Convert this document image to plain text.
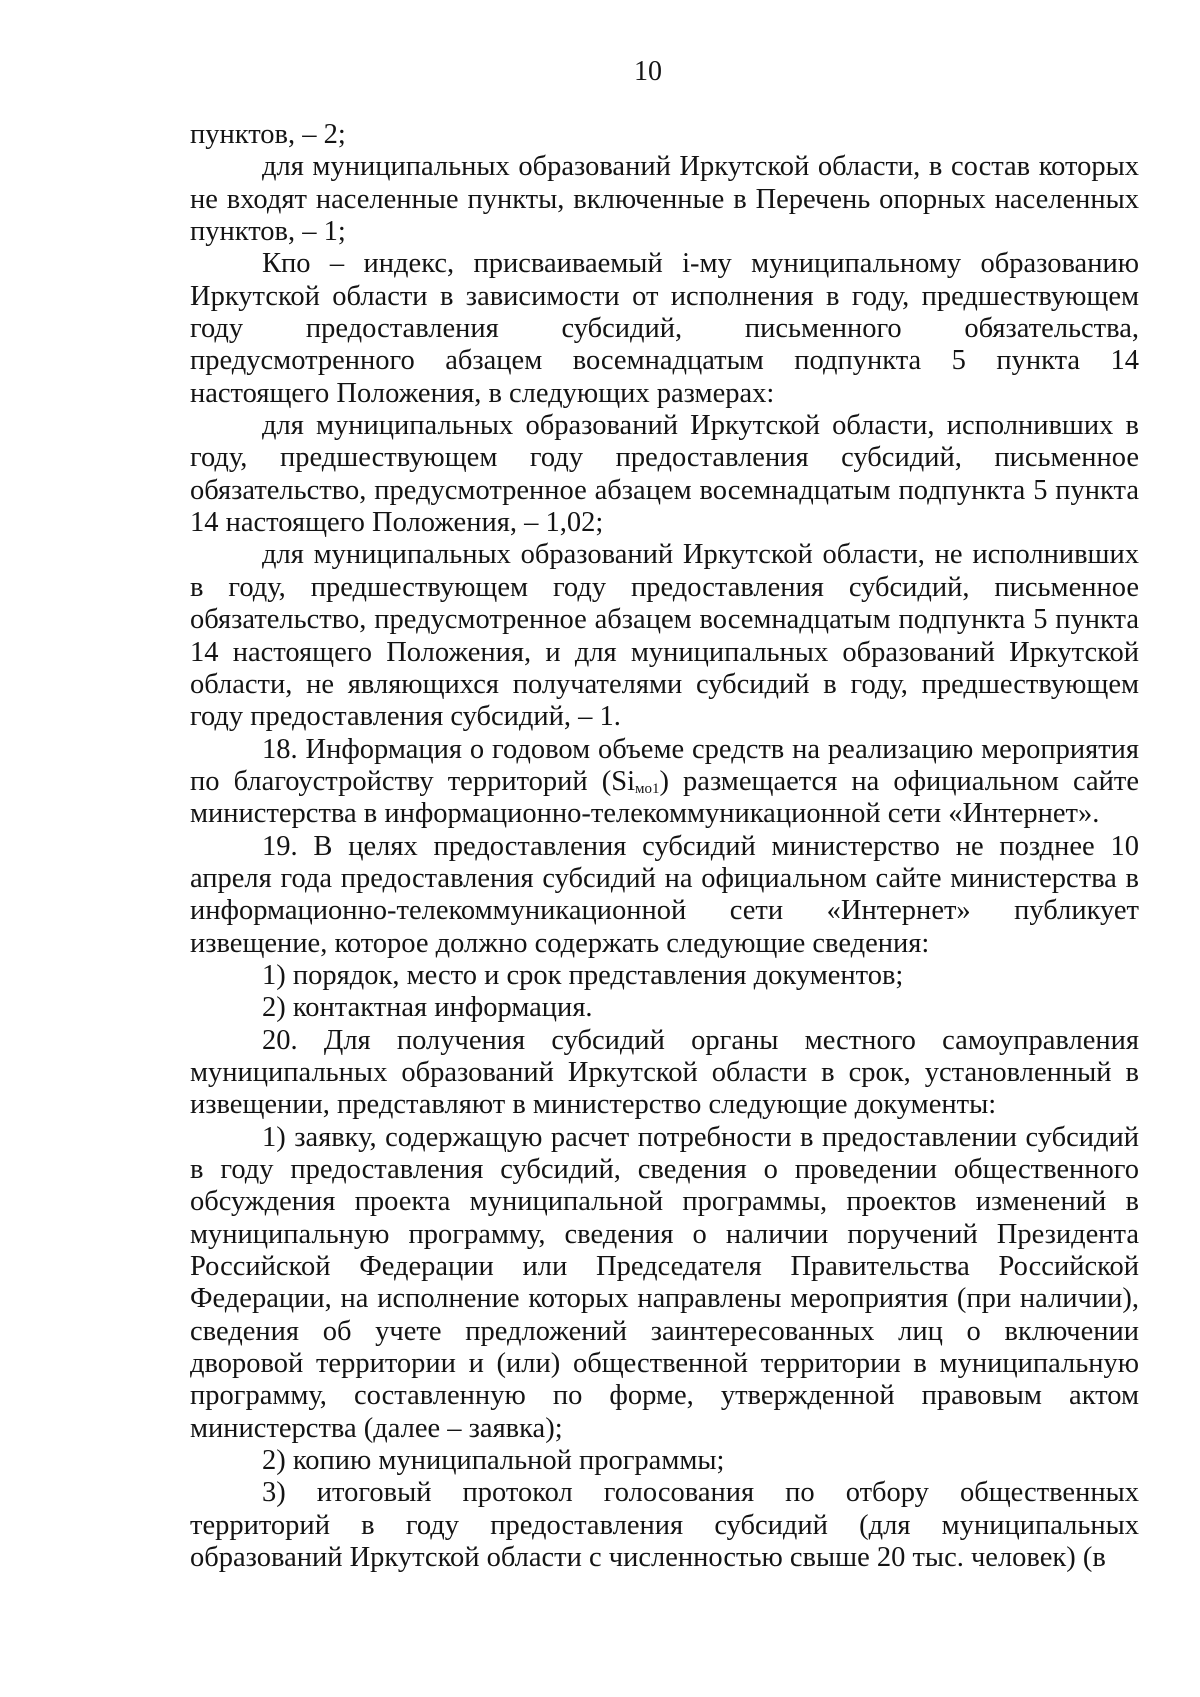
10

пунктов, – 2;

для муниципальных образований Иркутской области, в состав которых не входят населенные пункты, включенные в Перечень опорных населенных пунктов, – 1;

Кпо – индекс, присваиваемый i-му муниципальному образованию Иркутской области в зависимости от исполнения в году, предшествующем году предоставления субсидий, письменного обязательства, предусмотренного абзацем восемнадцатым подпункта 5 пункта 14 настоящего Положения, в следующих размерах:

для муниципальных образований Иркутской области, исполнивших в году, предшествующем году предоставления субсидий, письменное обязательство, предусмотренное абзацем восемнадцатым подпункта 5 пункта 14 настоящего Положения, – 1,02;

для муниципальных образований Иркутской области, не исполнивших в году, предшествующем году предоставления субсидий, письменное обязательство, предусмотренное абзацем восемнадцатым подпункта 5 пункта 14 настоящего Положения, и для муниципальных образований Иркутской области, не являющихся получателями субсидий в году, предшествующем году предоставления субсидий, – 1.

18. Информация о годовом объеме средств на реализацию мероприятия по благоустройству территорий $(Si_{мо1})$ размещается на официальном сайте министерства в информационно-телекоммуникационной сети «Интернет».

19. В целях предоставления субсидий министерство не позднее 10 апреля года предоставления субсидий на официальном сайте министерства в информационно-телекоммуникационной сети «Интернет» публикует извещение, которое должно содержать следующие сведения:

1) порядок, место и срок представления документов;

2) контактная информация.

20. Для получения субсидий органы местного самоуправления муниципальных образований Иркутской области в срок, установленный в извещении, представляют в министерство следующие документы:

1) заявку, содержащую расчет потребности в предоставлении субсидий в году предоставления субсидий, сведения о проведении общественного обсуждения проекта муниципальной программы, проектов изменений в муниципальную программу, сведения о наличии поручений Президента Российской Федерации или Председателя Правительства Российской Федерации, на исполнение которых направлены мероприятия (при наличии), сведения об учете предложений заинтересованных лиц о включении дворовой территории и (или) общественной территории в муниципальную программу, составленную по форме, утвержденной правовым актом министерства (далее – заявка);

2) копию муниципальной программы;

3) итоговый протокол голосования по отбору общественных территорий в году предоставления субсидий (для муниципальных образований Иркутской области с численностью свыше 20 тыс. человек) (в
